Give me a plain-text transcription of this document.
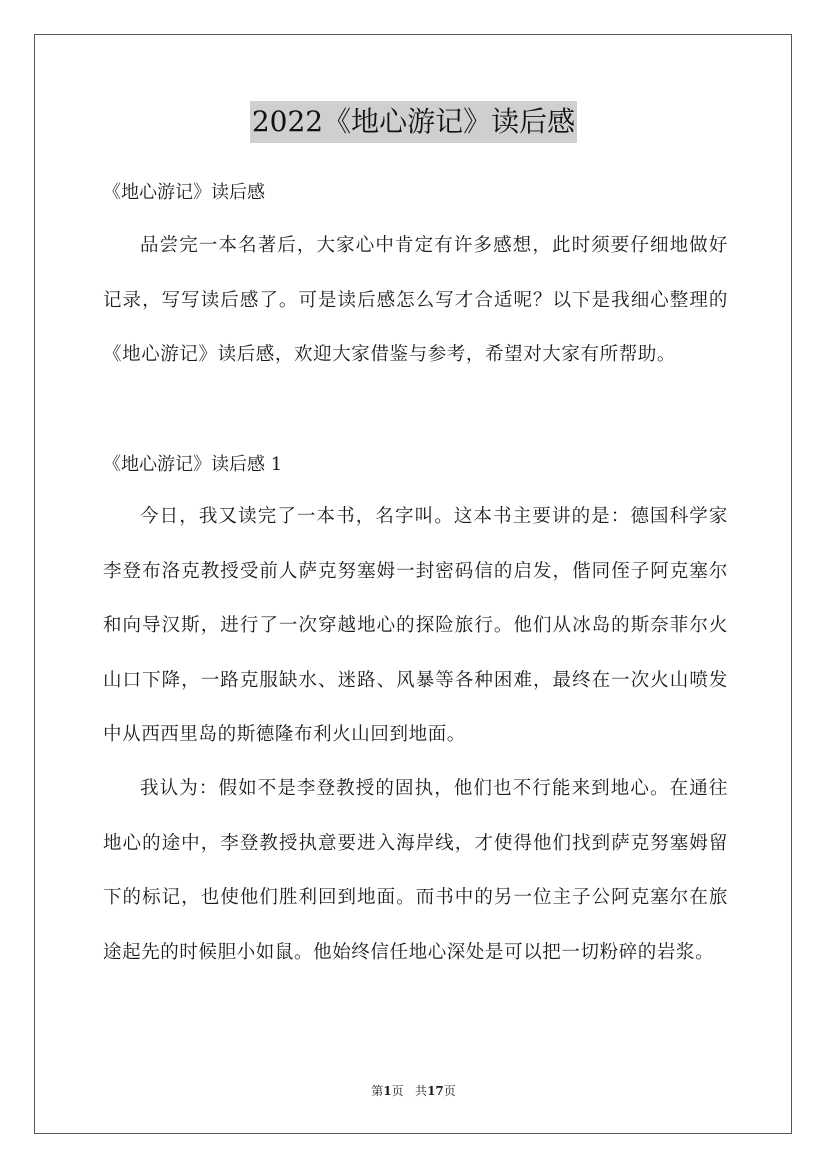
2022《地心游记》读后感
《地心游记》读后感

品尝完一本名著后，大家心中肯定有许多感想，此时须要仔细地做好记录，写写读后感了。可是读后感怎么写才合适呢？以下是我细心整理的《地心游记》读后感，欢迎大家借鉴与参考，希望对大家有所帮助。

《地心游记》读后感 1

今日，我又读完了一本书，名字叫。这本书主要讲的是：德国科学家李登布洛克教授受前人萨克努塞姆一封密码信的启发，偕同侄子阿克塞尔和向导汉斯，进行了一次穿越地心的探险旅行。他们从冰岛的斯奈菲尔火山口下降，一路克服缺水、迷路、风暴等各种困难，最终在一次火山喷发中从西西里岛的斯德隆布利火山回到地面。

我认为：假如不是李登教授的固执，他们也不行能来到地心。在通往地心的途中，李登教授执意要进入海岸线，才使得他们找到萨克努塞姆留下的标记，也使他们胜利回到地面。而书中的另一位主子公阿克塞尔在旅途起先的时候胆小如鼠。他始终信任地心深处是可以把一切粉碎的岩浆。

第1页 共17页
